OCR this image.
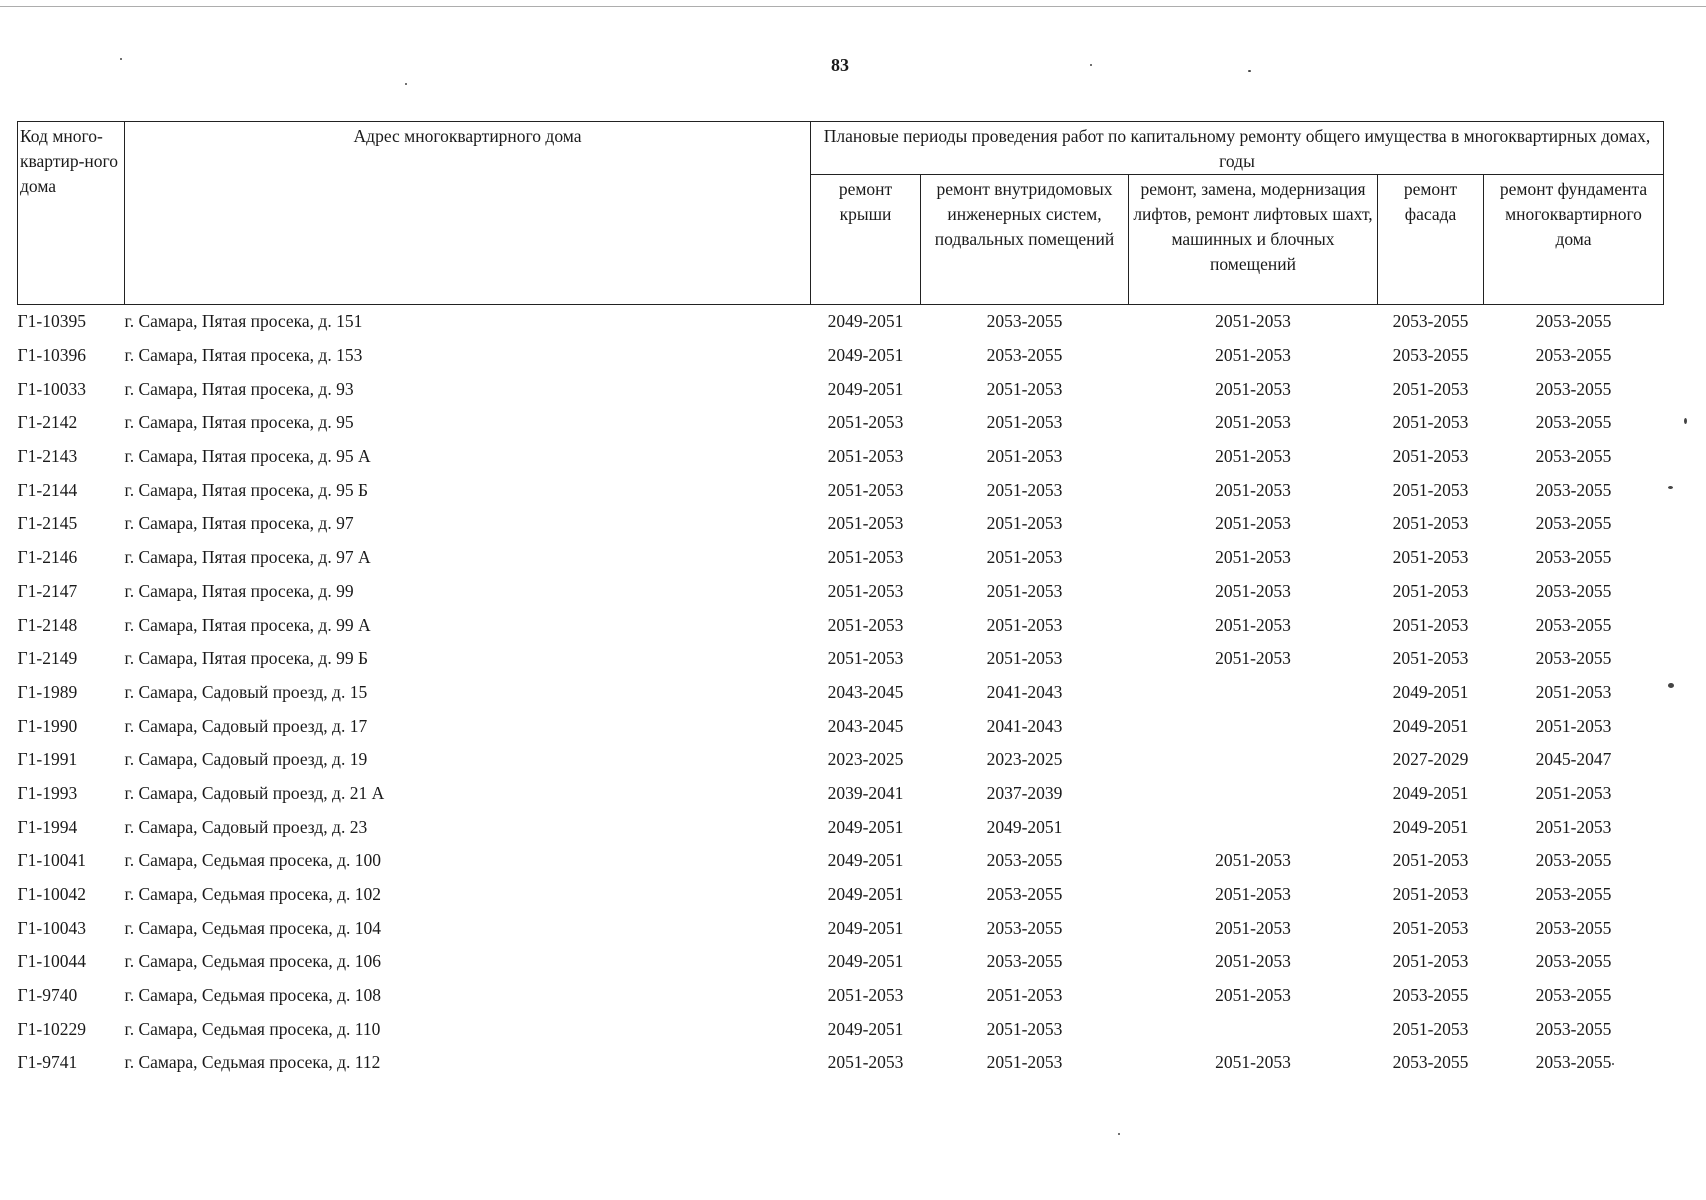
83
Код много-квартир-ного дома	Адрес многоквартирного дома	Плановые периоды проведения работ по капитальному ремонту общего имущества в многоквартирных домах, годы				
		ремонт крыши	ремонт внутридомовых инженерных систем, подвальных помещений	ремонт, замена, модернизация лифтов, ремонт лифтовых шахт, машинных и блочных помещений	ремонт фасада	ремонт фундамента многоквартирного дома
Г1-10395	г. Самара, Пятая просека, д. 151	2049-2051	2053-2055	2051-2053	2053-2055	2053-2055
Г1-10396	г. Самара, Пятая просека, д. 153	2049-2051	2053-2055	2051-2053	2053-2055	2053-2055
Г1-10033	г. Самара, Пятая просека, д. 93	2049-2051	2051-2053	2051-2053	2051-2053	2053-2055
Г1-2142	г. Самара, Пятая просека, д. 95	2051-2053	2051-2053	2051-2053	2051-2053	2053-2055
Г1-2143	г. Самара, Пятая просека, д. 95 А	2051-2053	2051-2053	2051-2053	2051-2053	2053-2055
Г1-2144	г. Самара, Пятая просека, д. 95 Б	2051-2053	2051-2053	2051-2053	2051-2053	2053-2055
Г1-2145	г. Самара, Пятая просека, д. 97	2051-2053	2051-2053	2051-2053	2051-2053	2053-2055
Г1-2146	г. Самара, Пятая просека, д. 97 А	2051-2053	2051-2053	2051-2053	2051-2053	2053-2055
Г1-2147	г. Самара, Пятая просека, д. 99	2051-2053	2051-2053	2051-2053	2051-2053	2053-2055
Г1-2148	г. Самара, Пятая просека, д. 99 А	2051-2053	2051-2053	2051-2053	2051-2053	2053-2055
Г1-2149	г. Самара, Пятая просека, д. 99 Б	2051-2053	2051-2053	2051-2053	2051-2053	2053-2055
Г1-1989	г. Самара, Садовый проезд, д. 15	2043-2045	2041-2043		2049-2051	2051-2053
Г1-1990	г. Самара, Садовый проезд, д. 17	2043-2045	2041-2043		2049-2051	2051-2053
Г1-1991	г. Самара, Садовый проезд, д. 19	2023-2025	2023-2025		2027-2029	2045-2047
Г1-1993	г. Самара, Садовый проезд, д. 21 А	2039-2041	2037-2039		2049-2051	2051-2053
Г1-1994	г. Самара, Садовый проезд, д. 23	2049-2051	2049-2051		2049-2051	2051-2053
Г1-10041	г. Самара, Седьмая просека, д. 100	2049-2051	2053-2055	2051-2053	2051-2053	2053-2055
Г1-10042	г. Самара, Седьмая просека, д. 102	2049-2051	2053-2055	2051-2053	2051-2053	2053-2055
Г1-10043	г. Самара, Седьмая просека, д. 104	2049-2051	2053-2055	2051-2053	2051-2053	2053-2055
Г1-10044	г. Самара, Седьмая просека, д. 106	2049-2051	2053-2055	2051-2053	2051-2053	2053-2055
Г1-9740	г. Самара, Седьмая просека, д. 108	2051-2053	2051-2053	2051-2053	2053-2055	2053-2055
Г1-10229	г. Самара, Седьмая просека, д. 110	2049-2051	2051-2053		2051-2053	2053-2055
Г1-9741	г. Самара, Седьмая просека, д. 112	2051-2053	2051-2053	2051-2053	2053-2055	2053-2055
